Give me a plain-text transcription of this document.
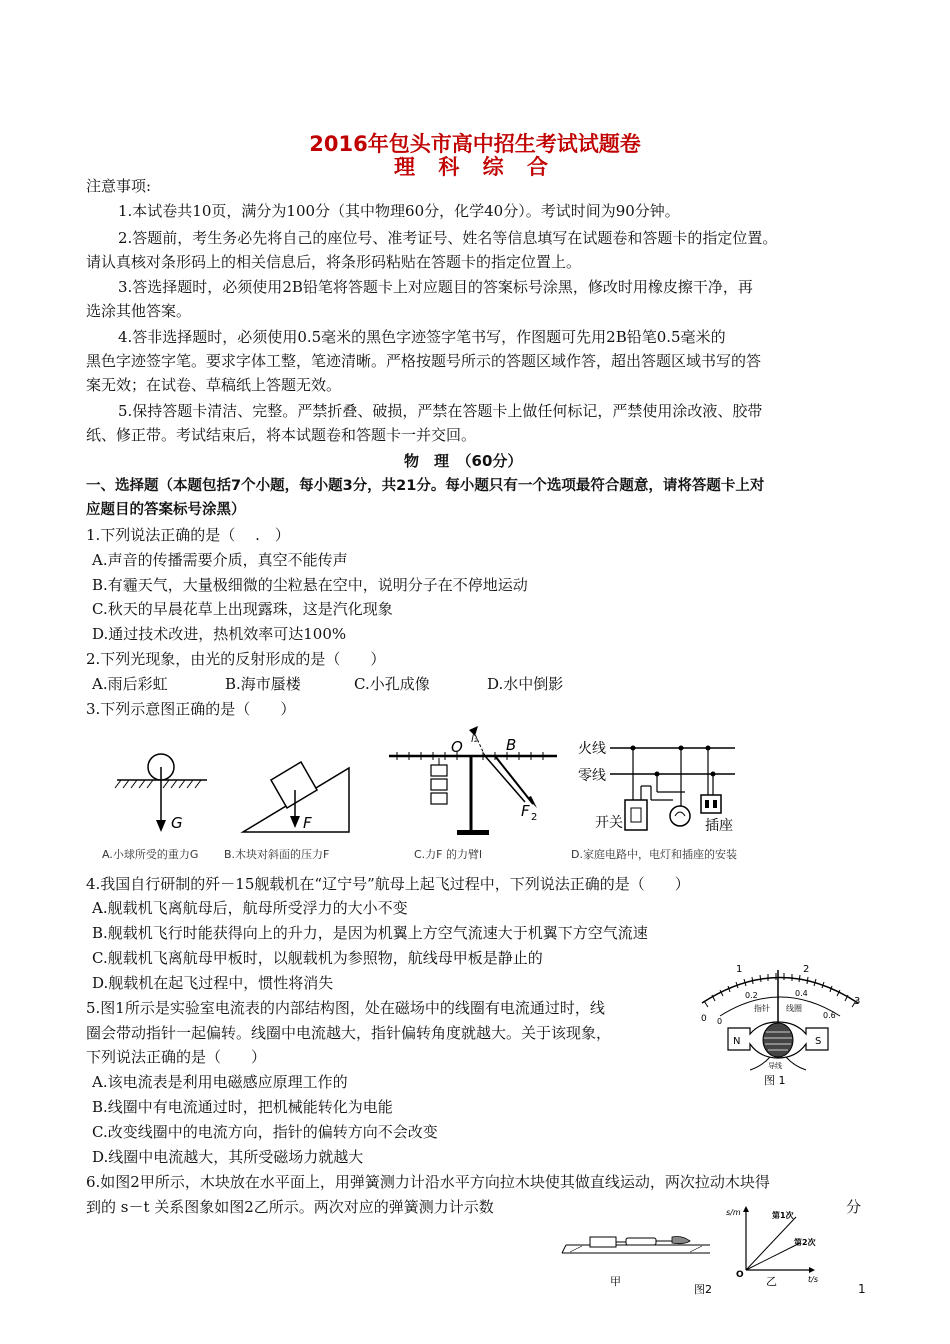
2016年包头市高中招生考试试题卷
理 科 综 合
注意事项:
1.本试卷共10页，满分为100分（其中物理60分，化学40分）。考试时间为90分钟。
2.答题前，考生务必先将自己的座位号、准考证号、姓名等信息填写在试题卷和答题卡的指定位置。
请认真核对条形码上的相关信息后，将条形码粘贴在答题卡的指定位置上。
3.答选择题时，必须使用2B铅笔将答题卡上对应题目的答案标号涂黑，修改时用橡皮擦干净，再
选涂其他答案。
4.答非选择题时，必须使用0.5毫米的黑色字迹签字笔书写，作图题可先用2B铅笔0.5毫米的
黑色字迹签字笔。要求字体工整，笔迹清晰。严格按题号所示的答题区域作答，超出答题区域书写的答
案无效；在试卷、草稿纸上答题无效。
5.保持答题卡清洁、完整。严禁折叠、破损，严禁在答题卡上做任何标记，严禁使用涂改液、胶带
纸、修正带。考试结束后，将本试题卷和答题卡一并交回。
物　理　（60分）
一、选择题（本题包括7个小题，每小题3分，共21分。每小题只有一个选项最符合题意，请将答题卡上对
应题目的答案标号涂黑）
1.下列说法正确的是（　 .　）
A.声音的传播需要介质，真空不能传声
B.有霾天气，大量极细微的尘粒悬在空中，说明分子在不停地运动
C.秋天的早晨花草上出现露珠，这是汽化现象
D.通过技术改进，热机效率可达100%
2.下列光现象，由光的反射形成的是（　　）
A.雨后彩虹	B.海市蜃楼	C.小孔成像	D.水中倒影
3.下列示意图正确的是（　　）
G	F
O	B
l₂
F 2
火线
零线
开关	插座
A.小球所受的重力G B.木块对斜面的压力F	C.力F 的力臂l	D.家庭电路中，电灯和插座的安装
4.我国自行研制的歼－15舰载机在“辽宁号”航母上起飞过程中，下列说法正确的是（　　）
A.舰载机飞离航母后，航母所受浮力的大小不变
B.舰载机飞行时能获得向上的升力，是因为机翼上方空气流速大于机翼下方空气流速
C.舰载机飞离航母甲板时，以舰载机为参照物，航线母甲板是静止的
D.舰载机在起飞过程中，惯性将消失
5.图1所示是实验室电流表的内部结构图，处在磁场中的线圈有电流通过时，线
圈会带动指针一起偏转。线圈中电流越大，指针偏转角度就越大。关于该现象，
下列说法正确的是（　　）
A.该电流表是利用电磁感应原理工作的
B.线圈中有电流通过时，把机械能转化为电能
C.改变线圈中的电流方向，指针的偏转方向不会改变
D.线圈中电流越大，其所受磁场力就越大
0
1	2
3
0
0.2	0.4
0.6
指针 线圈
N	S
导线
图 1
6.如图2甲所示，木块放在水平面上，用弹簧测力计沿水平方向拉木块使其做直线运动，两次拉动木块得
到的 s－t 关系图象如图2乙所示。两次对应的弹簧测力计示数	分
甲
图2
s/m
t/s
O
第1次
第2次
乙
1
